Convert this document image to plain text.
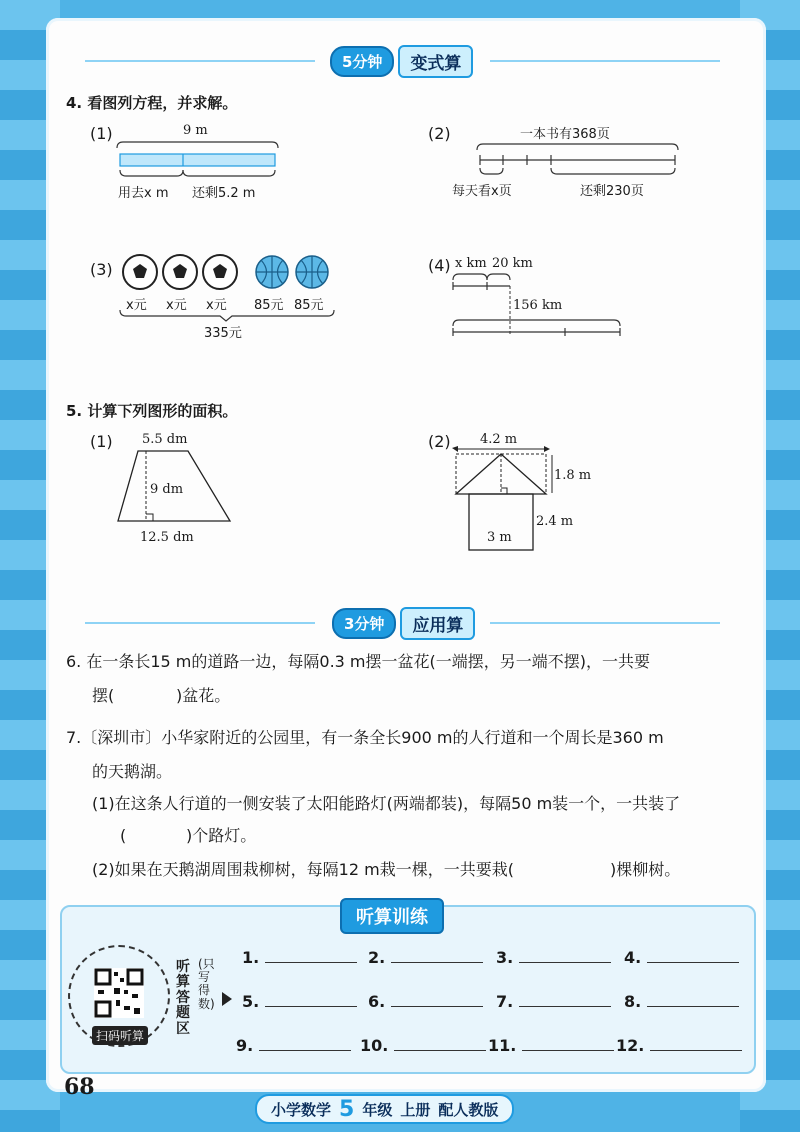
5分钟	变式算
4. 看图列方程，并求解。
(1)	9 m
用去x m 还剩5.2 m
(2)	一本书有368页
每天看x页	还剩230页
(3)
x元 x元 x元 85元 85元
335元
(4) x km 20 km
156 km
5. 计算下列图形的面积。
(1) 5.5 dm
9 dm
12.5 dm
(2) 4.2 m
1.8 m
2.4 m
3 m
3分钟	应用算
6. 在一条长15 m的道路一边，每隔0.3 m摆一盆花(一端摆，另一端不摆)，一共要
摆(	)盆花。
7.〔深圳市〕小华家附近的公园里，有一条全长900 m的人行道和一个周长是360 m
的天鹅湖。
(1)在这条人行道的一侧安装了太阳能路灯(两端都装)，每隔50 m装一个，一共装了
(	)个路灯。
(2)如果在天鹅湖周围栽柳树，每隔12 m栽一棵，一共要栽(	)棵柳树。
听算训练
扫码听算
听算答题区
(只写得数)
1.	2.	3.	4.
5.	6.	7.	8.
9.	10.	11.	12.
68
小学数学 5 年级 上册 配人教版
